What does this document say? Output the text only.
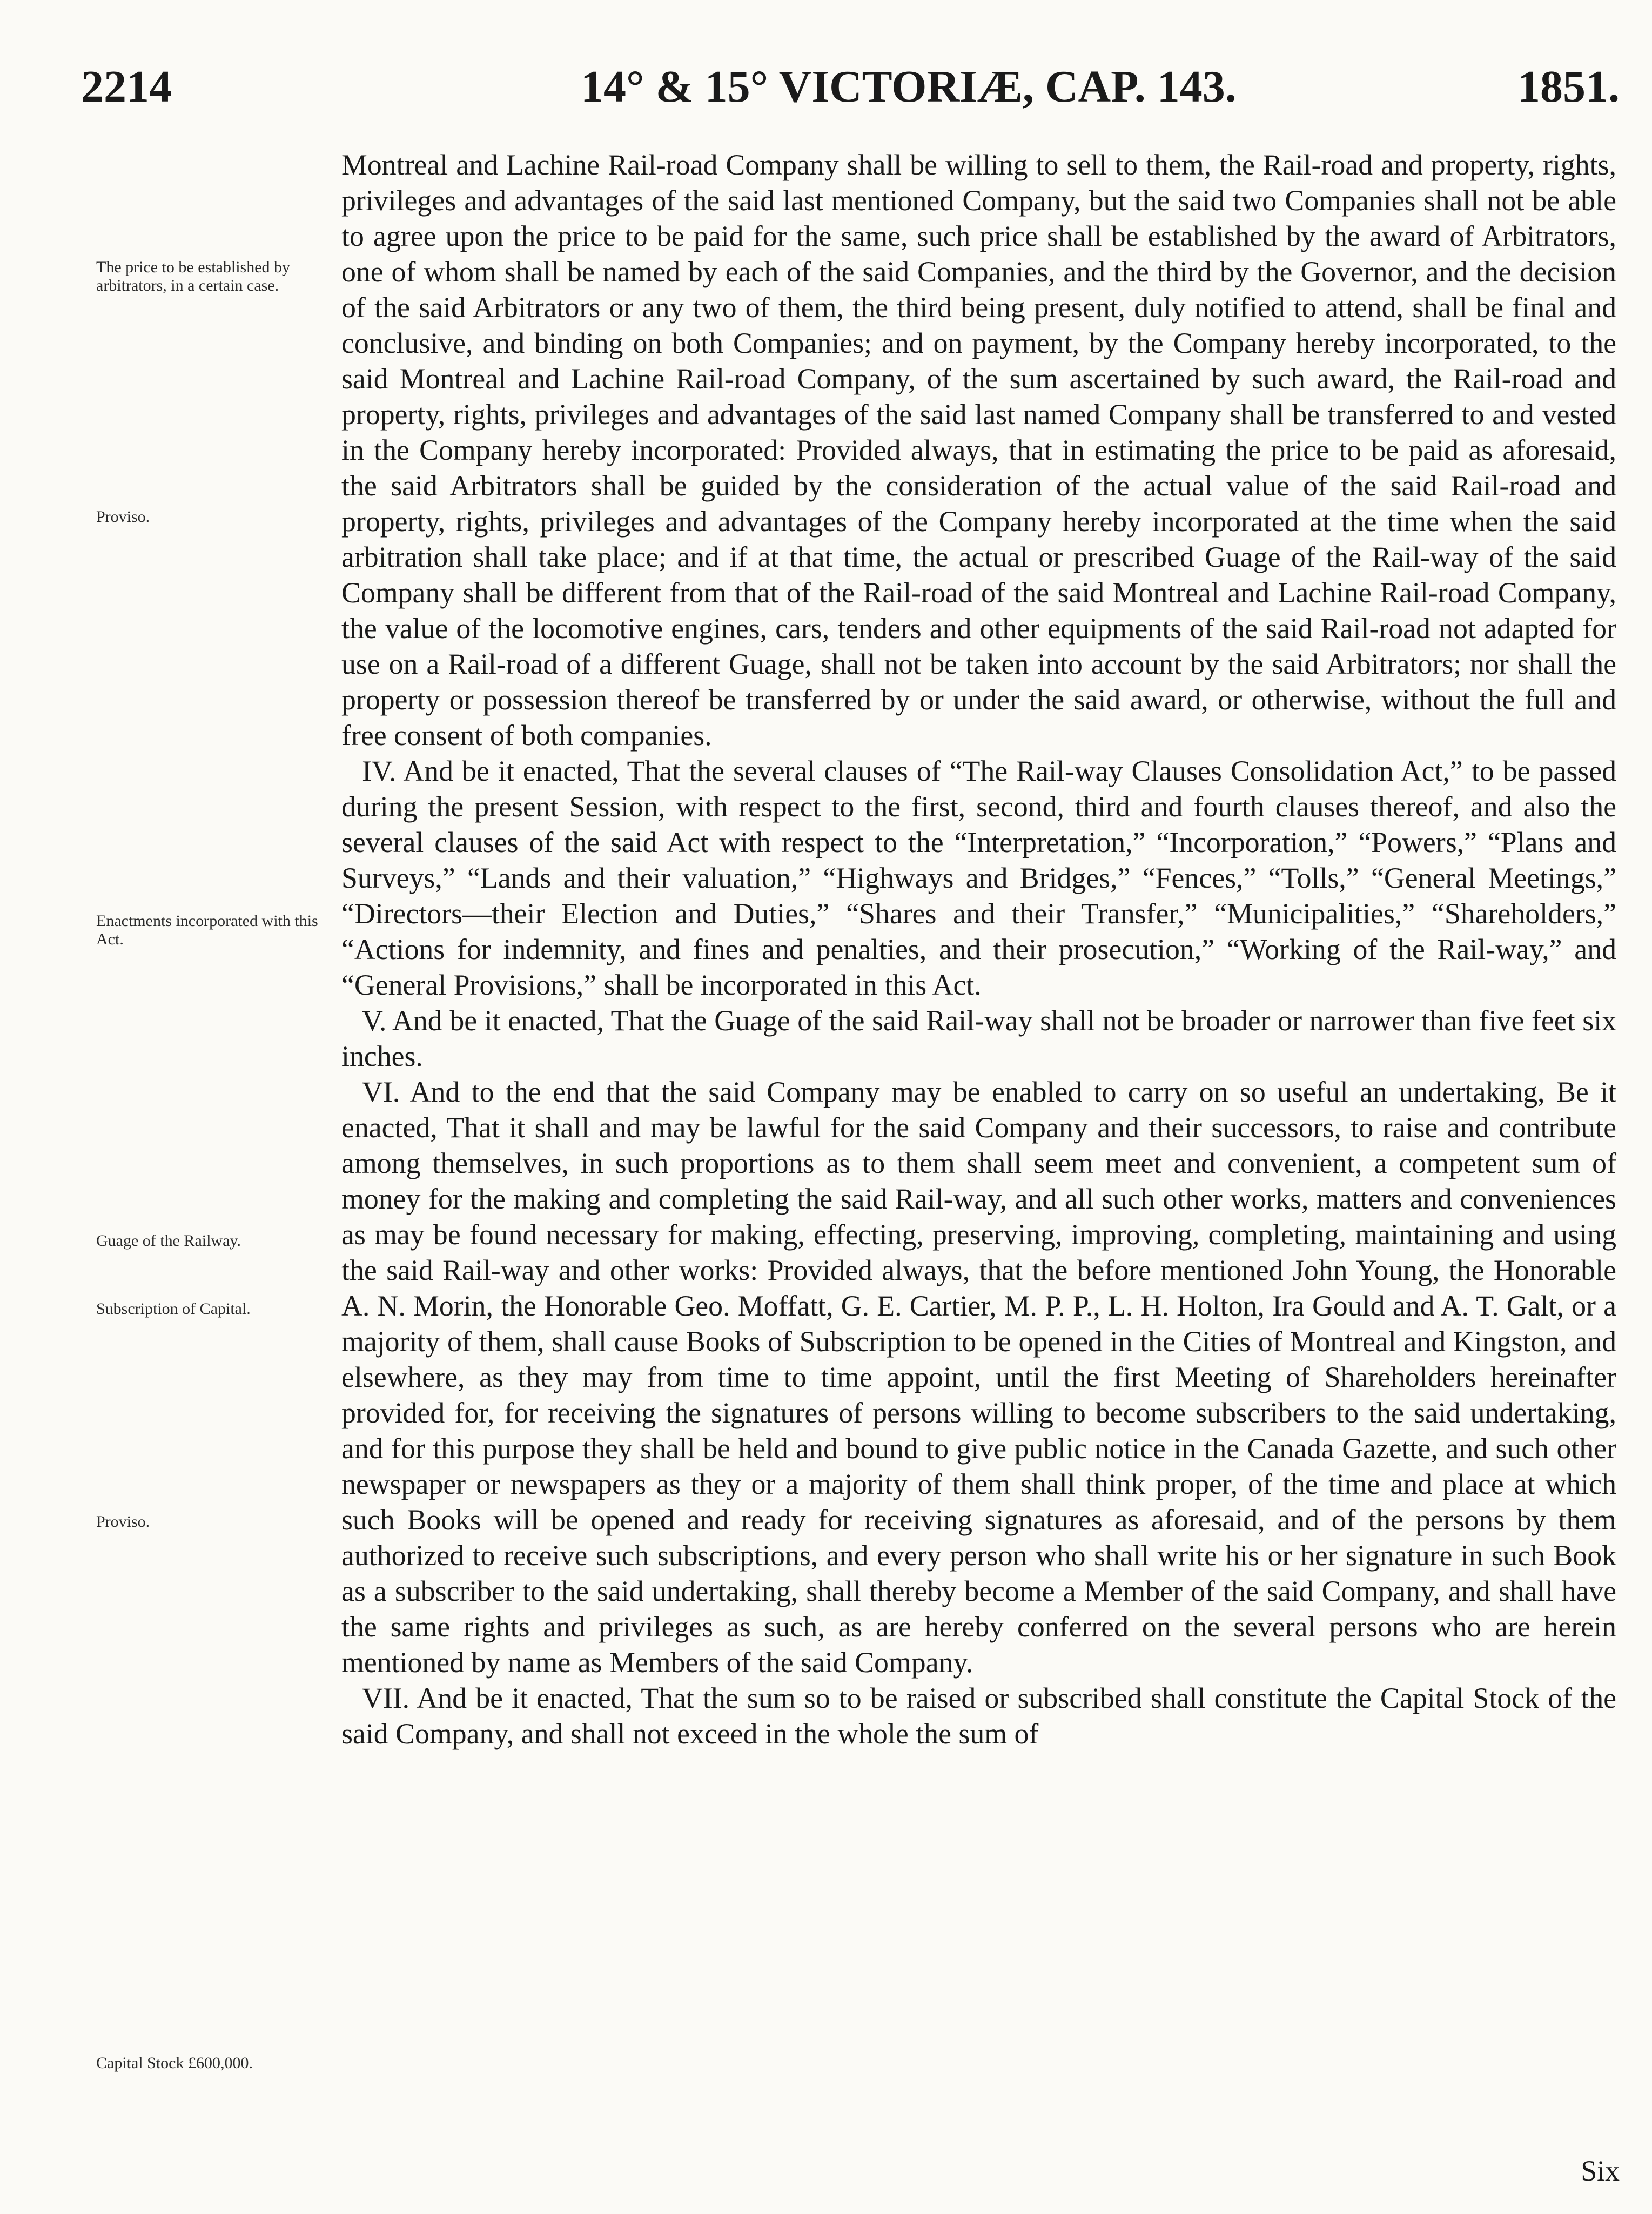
2214	14° & 15° VICTORIÆ, CAP. 143.	1851.
The price to be established by arbitrators, in a certain case.
Proviso.
Enactments incorporated with this Act.
Guage of the Railway.
Subscription of Capital.
Proviso.
Capital Stock £600,000.

Montreal and Lachine Rail-road Company shall be willing to sell to them, the Rail-road and property, rights, privileges and advantages of the said last mentioned Company, but the said two Companies shall not be able to agree upon the price to be paid for the same, such price shall be established by the award of Arbitrators, one of whom shall be named by each of the said Companies, and the third by the Governor, and the decision of the said Arbitrators or any two of them, the third being present, duly notified to attend, shall be final and conclusive, and binding on both Companies; and on payment, by the Company hereby incorporated, to the said Montreal and Lachine Rail-road Company, of the sum ascertained by such award, the Rail-road and property, rights, privileges and advantages of the said last named Company shall be transferred to and vested in the Company hereby incorporated: Provided always, that in estimating the price to be paid as aforesaid, the said Arbitrators shall be guided by the consideration of the actual value of the said Rail-road and property, rights, privileges and advantages of the Company hereby incorporated at the time when the said arbitration shall take place; and if at that time, the actual or prescribed Guage of the Rail-way of the said Company shall be different from that of the Rail-road of the said Montreal and Lachine Rail-road Company, the value of the locomotive engines, cars, tenders and other equipments of the said Rail-road not adapted for use on a Rail-road of a different Guage, shall not be taken into account by the said Arbitrators; nor shall the property or possession thereof be transferred by or under the said award, or otherwise, without the full and free consent of both companies.

IV. And be it enacted, That the several clauses of “The Rail-way Clauses Consolidation Act,” to be passed during the present Session, with respect to the first, second, third and fourth clauses thereof, and also the several clauses of the said Act with respect to the “Interpretation,” “Incorporation,” “Powers,” “Plans and Surveys,” “Lands and their valuation,” “Highways and Bridges,” “Fences,” “Tolls,” “General Meetings,” “Directors—their Election and Duties,” “Shares and their Transfer,” “Municipalities,” “Shareholders,” “Actions for indemnity, and fines and penalties, and their prosecution,” “Working of the Rail-way,” and “General Provisions,” shall be incorporated in this Act.

V. And be it enacted, That the Guage of the said Rail-way shall not be broader or narrower than five feet six inches.

VI. And to the end that the said Company may be enabled to carry on so useful an undertaking, Be it enacted, That it shall and may be lawful for the said Company and their successors, to raise and contribute among themselves, in such proportions as to them shall seem meet and convenient, a competent sum of money for the making and completing the said Rail-way, and all such other works, matters and conveniences as may be found necessary for making, effecting, preserving, improving, completing, maintaining and using the said Rail-way and other works: Provided always, that the before mentioned John Young, the Honorable A. N. Morin, the Honorable Geo. Moffatt, G. E. Cartier, M. P. P., L. H. Holton, Ira Gould and A. T. Galt, or a majority of them, shall cause Books of Subscription to be opened in the Cities of Montreal and Kingston, and elsewhere, as they may from time to time appoint, until the first Meeting of Shareholders hereinafter provided for, for receiving the signatures of persons willing to become subscribers to the said undertaking, and for this purpose they shall be held and bound to give public notice in the Canada Gazette, and such other newspaper or newspapers as they or a majority of them shall think proper, of the time and place at which such Books will be opened and ready for receiving signatures as aforesaid, and of the persons by them authorized to receive such subscriptions, and every person who shall write his or her signature in such Book as a subscriber to the said undertaking, shall thereby become a Member of the said Company, and shall have the same rights and privileges as such, as are hereby conferred on the several persons who are herein mentioned by name as Members of the said Company.

VII. And be it enacted, That the sum so to be raised or subscribed shall constitute the Capital Stock of the said Company, and shall not exceed in the whole the sum of

Six
